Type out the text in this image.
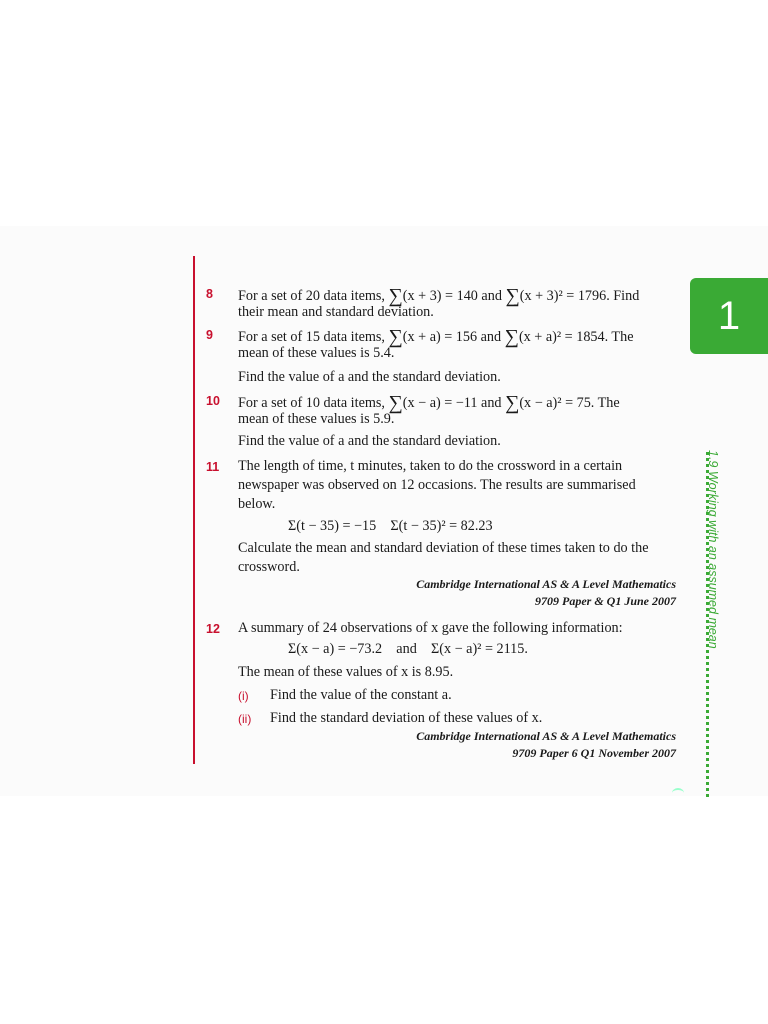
1
1.9 Working with an assumed mean
8 For a set of 20 data items, ∑(x + 3) = 140 and ∑(x + 3)² = 1796. Find
their mean and standard deviation.
9 For a set of 15 data items, ∑(x + a) = 156 and ∑(x + a)² = 1854. The
mean of these values is 5.4.
Find the value of a and the standard deviation.
10 For a set of 10 data items, ∑(x − a) = −11 and ∑(x − a)² = 75. The
mean of these values is 5.9.
Find the value of a and the standard deviation.
11 The length of time, t minutes, taken to do the crossword in a certain
newspaper was observed on 12 occasions. The results are summarised
below.
Σ(t − 35) = −15    Σ(t − 35)² = 82.23
Calculate the mean and standard deviation of these times taken to do the
crossword.
Cambridge International AS & A Level Mathematics
9709 Paper & Q1 June 2007
12 A summary of 24 observations of x gave the following information:
Σ(x − a) = −73.2    and    Σ(x − a)² = 2115.
The mean of these values of x is 8.95.
(i) Find the value of the constant a.
(ii) Find the standard deviation of these values of x.
Cambridge International AS & A Level Mathematics
9709 Paper 6 Q1 November 2007
